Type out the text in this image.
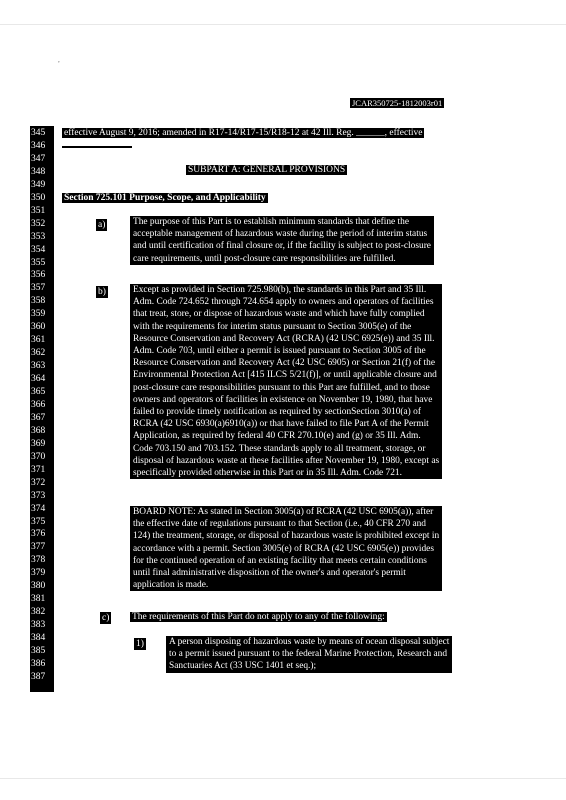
,
JCAR350725-1812003r01
345
346
347
348
349
350
351
352
353
354
355
356
357
358
359
360
361
362
363
364
365
366
367
368
369
370
371
372
373
374
375
376
377
378
379
380
381
382
383
384
385
386
387
effective August 9, 2016; amended in R17-14/R17-15/R18-12 at 42 Ill. Reg. ______, effective
SUBPART A: GENERAL PROVISIONS
Section 725.101 Purpose, Scope, and Applicability
a)	The purpose of this Part is to establish minimum standards that define the
acceptable management of hazardous waste during the period of interim status
and until certification of final closure or, if the facility is subject to post-closure
care requirements, until post-closure care responsibilities are fulfilled.
b)	Except as provided in Section 725.980(b), the standards in this Part and 35 Ill.
Adm. Code 724.652 through 724.654 apply to owners and operators of facilities
that treat, store, or dispose of hazardous waste and which have fully complied
with the requirements for interim status pursuant to Section 3005(e) of the
Resource Conservation and Recovery Act (RCRA) (42 USC 6925(e)) and 35 Ill.
Adm. Code 703, until either a permit is issued pursuant to Section 3005 of the
Resource Conservation and Recovery Act (42 USC 6905) or Section 21(f) of the
Environmental Protection Act [415 ILCS 5/21(f)], or until applicable closure and
post-closure care responsibilities pursuant to this Part are fulfilled, and to those
owners and operators of facilities in existence on November 19, 1980, that have
failed to provide timely notification as required by sectionSection 3010(a) of
RCRA (42 USC 6930(a)6910(a)) or that have failed to file Part A of the Permit
Application, as required by federal 40 CFR 270.10(e) and (g) or 35 Ill. Adm.
Code 703.150 and 703.152. These standards apply to all treatment, storage, or
disposal of hazardous waste at these facilities after November 19, 1980, except as
specifically provided otherwise in this Part or in 35 Ill. Adm. Code 721.
BOARD NOTE: As stated in Section 3005(a) of RCRA (42 USC 6905(a)), after
the effective date of regulations pursuant to that Section (i.e., 40 CFR 270 and
124) the treatment, storage, or disposal of hazardous waste is prohibited except in
accordance with a permit. Section 3005(e) of RCRA (42 USC 6905(e)) provides
for the continued operation of an existing facility that meets certain conditions
until final administrative disposition of the owner's and operator's permit
application is made.
c) The requirements of this Part do not apply to any of the following:
1)	A person disposing of hazardous waste by means of ocean disposal subject
to a permit issued pursuant to the federal Marine Protection, Research and
Sanctuaries Act (33 USC 1401 et seq.);
